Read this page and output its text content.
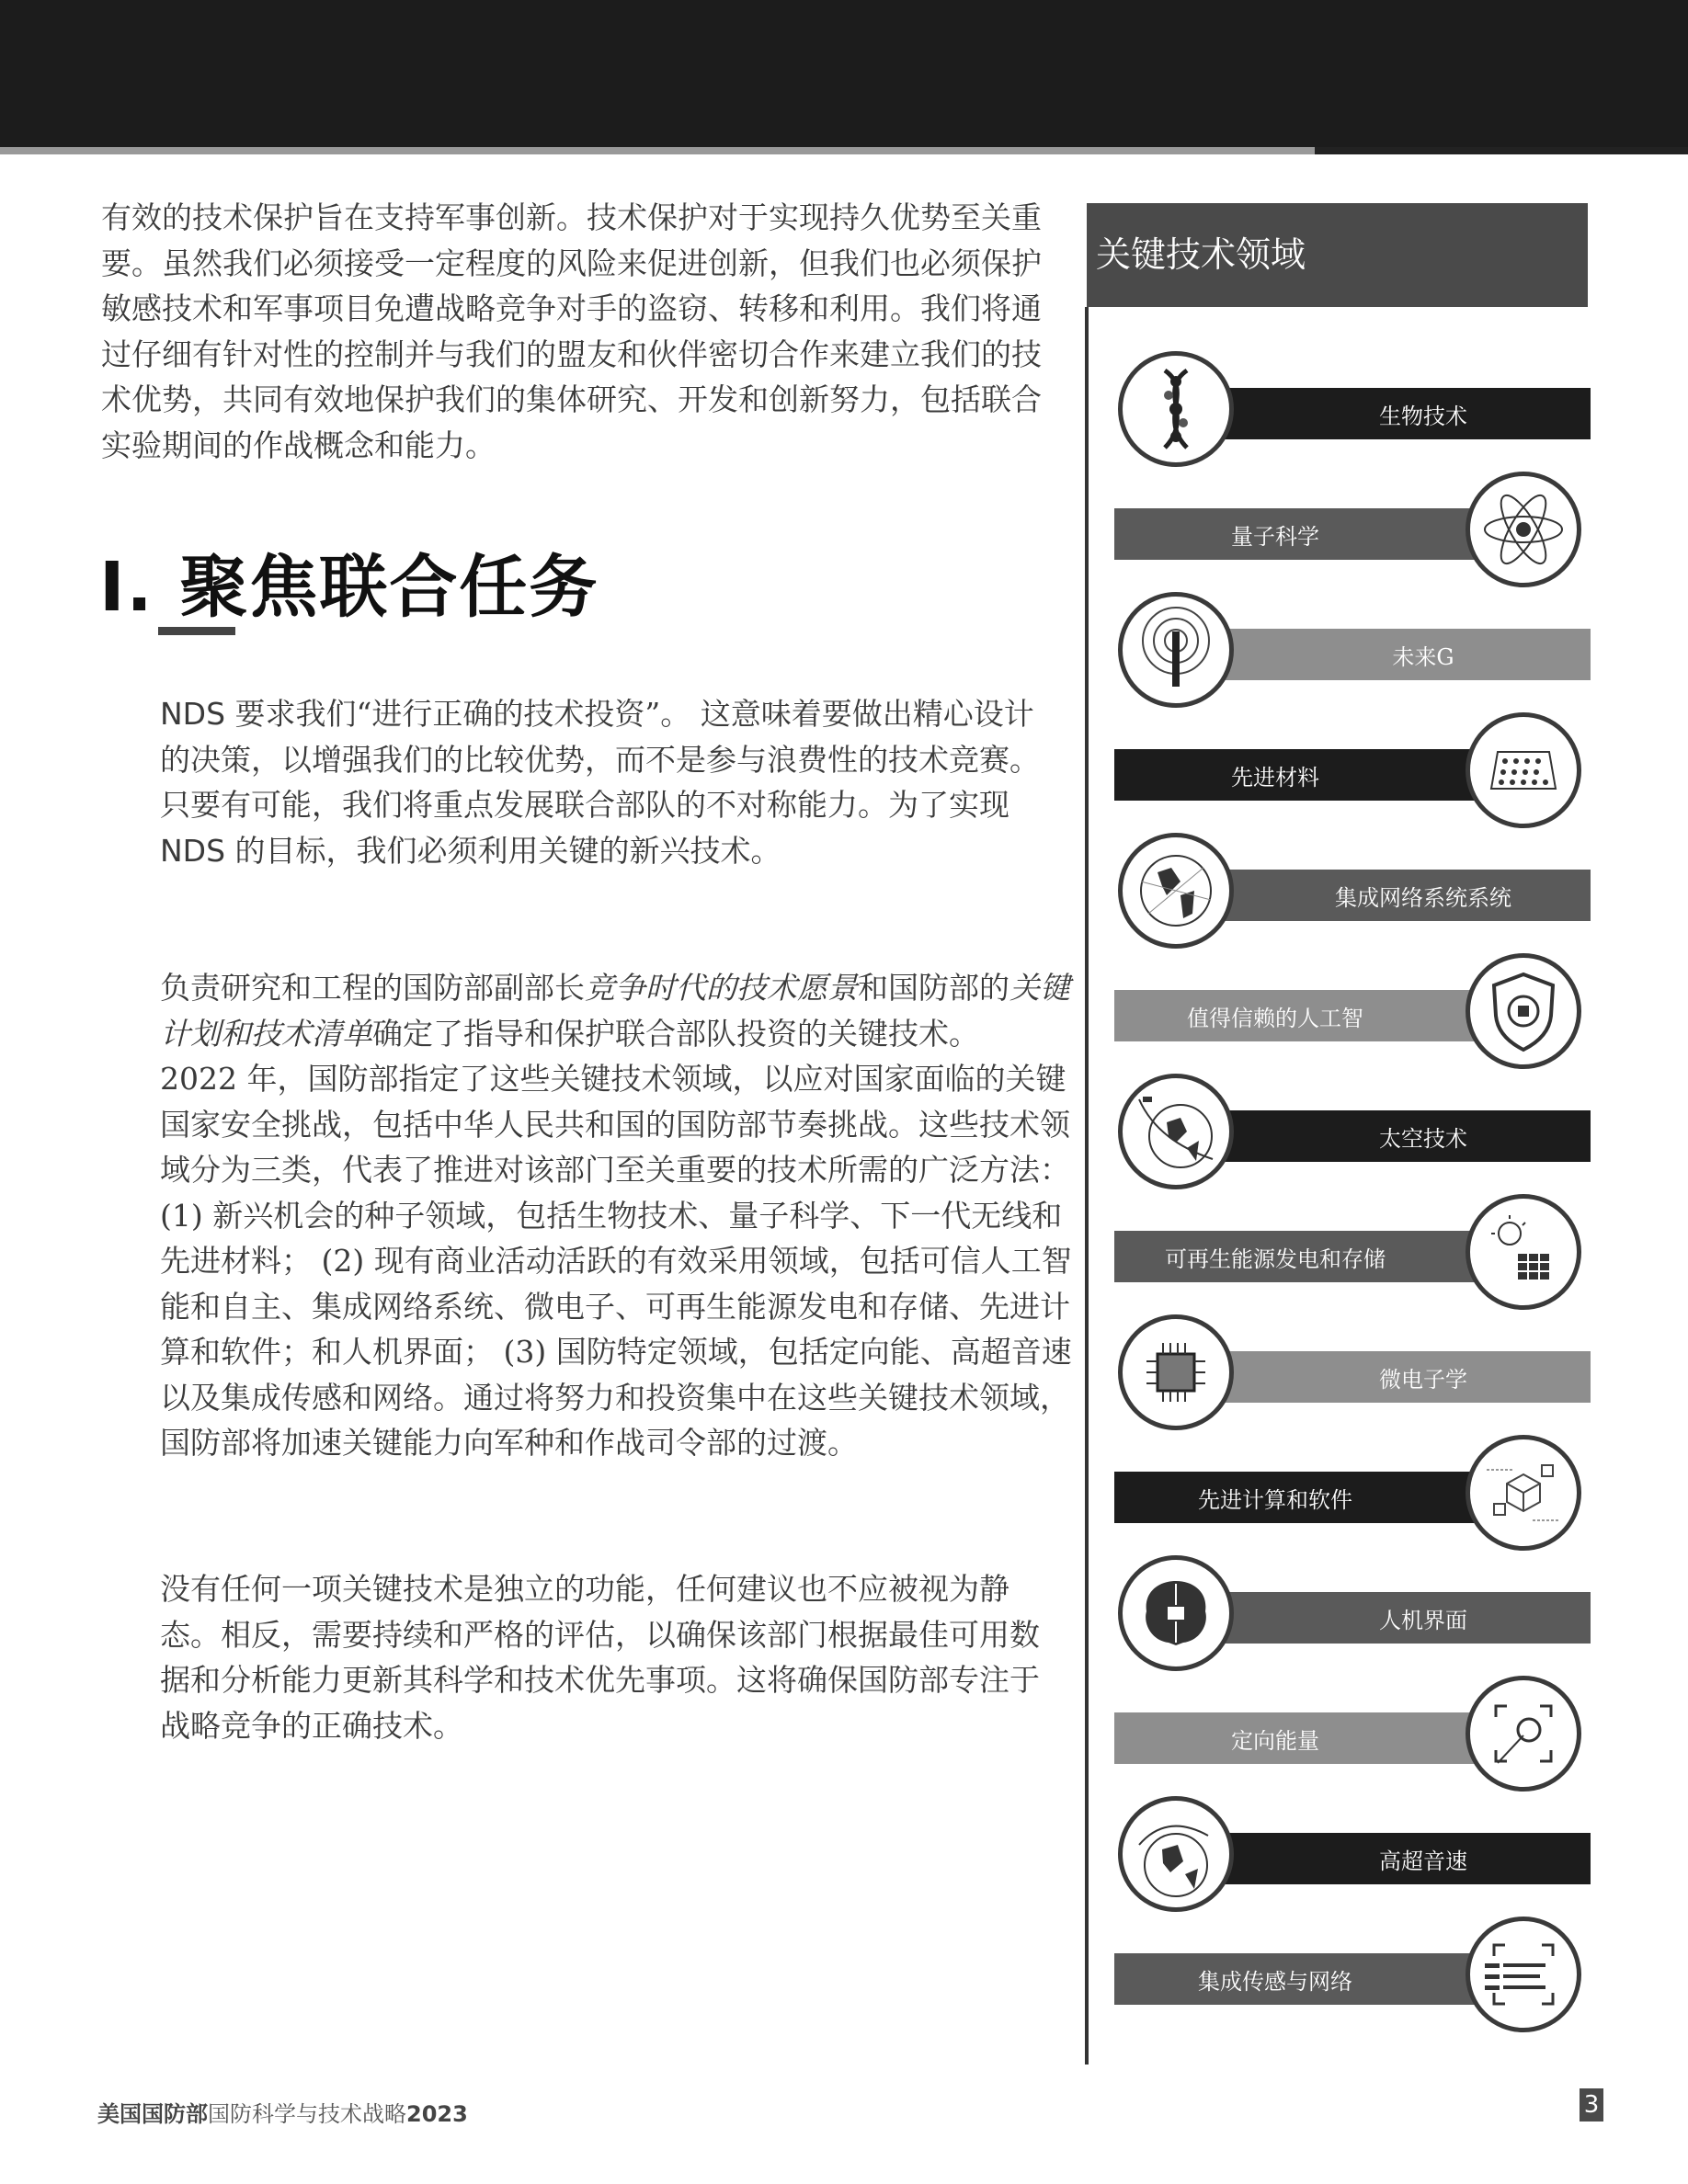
有效的技术保护旨在支持军事创新。技术保护对于实现持久优势至关重要。虽然我们必须接受一定程度的风险来促进创新，但我们也必须保护敏感技术和军事项目免遭战略竞争对手的盗窃、转移和利用。我们将通过仔细有针对性的控制并与我们的盟友和伙伴密切合作来建立我们的技术优势，共同有效地保护我们的集体研究、开发和创新努力，包括联合实验期间的作战概念和能力。

I. 聚焦联合任务

NDS 要求我们“进行正确的技术投资”。 这意味着要做出精心设计的决策，以增强我们的比较优势，而不是参与浪费性的技术竞赛。只要有可能，我们将重点发展联合部队的不对称能力。为了实现 NDS 的目标，我们必须利用关键的新兴技术。

负责研究和工程的国防部副部长竞争时代的技术愿景和国防部的关键计划和技术清单确定了指导和保护联合部队投资的关键技术。
2022 年，国防部指定了这些关键技术领域，以应对国家面临的关键国家安全挑战，包括中华人民共和国的国防部节奏挑战。这些技术领域分为三类，代表了推进对该部门至关重要的技术所需的广泛方法：(1) 新兴机会的种子领域，包括生物技术、量子科学、下一代无线和先进材料； (2) 现有商业活动活跃的有效采用领域，包括可信人工智能和自主、集成网络系统、微电子、可再生能源发电和存储、先进计算和软件；和人机界面； (3) 国防特定领域，包括定向能、高超音速以及集成传感和网络。通过将努力和投资集中在这些关键技术领域，国防部将加速关键能力向军种和作战司令部的过渡。

没有任何一项关键技术是独立的功能，任何建议也不应被视为静态。相反，需要持续和严格的评估，以确保该部门根据最佳可用数据和分析能力更新其科学和技术优先事项。这将确保国防部专注于战略竞争的正确技术。

关键技术领域
生物技术
量子科学
未来G
先进材料
集成网络系统系统
值得信赖的人工智
太空技术
可再生能源发电和存储
微电子学
先进计算和软件
人机界面
定向能量
高超音速
集成传感与网络
美国国防部国防科学与技术战略2023	3
